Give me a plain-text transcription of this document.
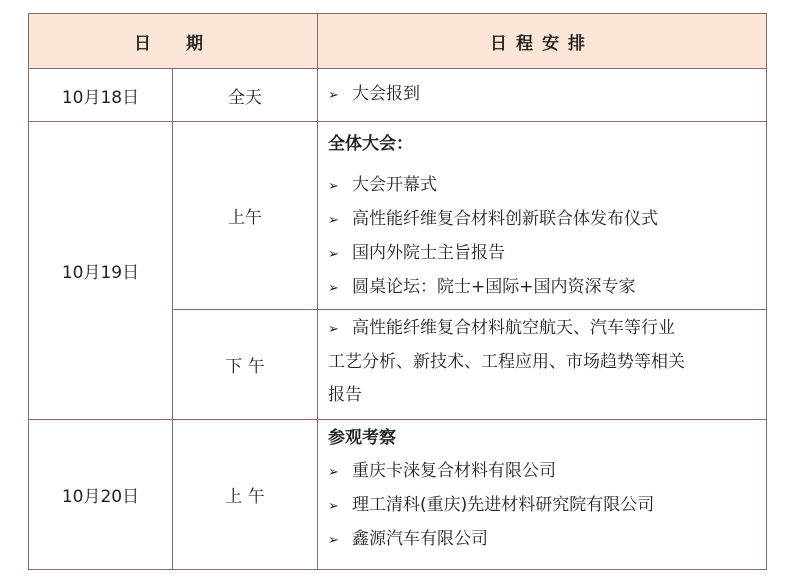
日　期		日程安排
10月18日	全天	➢ 大会报到

10月19日	上午	全体大会：
➢ 大会开幕式
➢ 高性能纤维复合材料创新联合体发布仪式
➢ 国内外院士主旨报告
➢ 圆桌论坛：院士+国际+国内资深专家

	下 午	➢ 高性能纤维复合材料航空航天、汽车等行业
工艺分析、新技术、工程应用、市场趋势等相关
报告

10月20日	上 午	参观考察
➢ 重庆卡涞复合材料有限公司
➢ 理工清科(重庆)先进材料研究院有限公司
➢ 鑫源汽车有限公司
